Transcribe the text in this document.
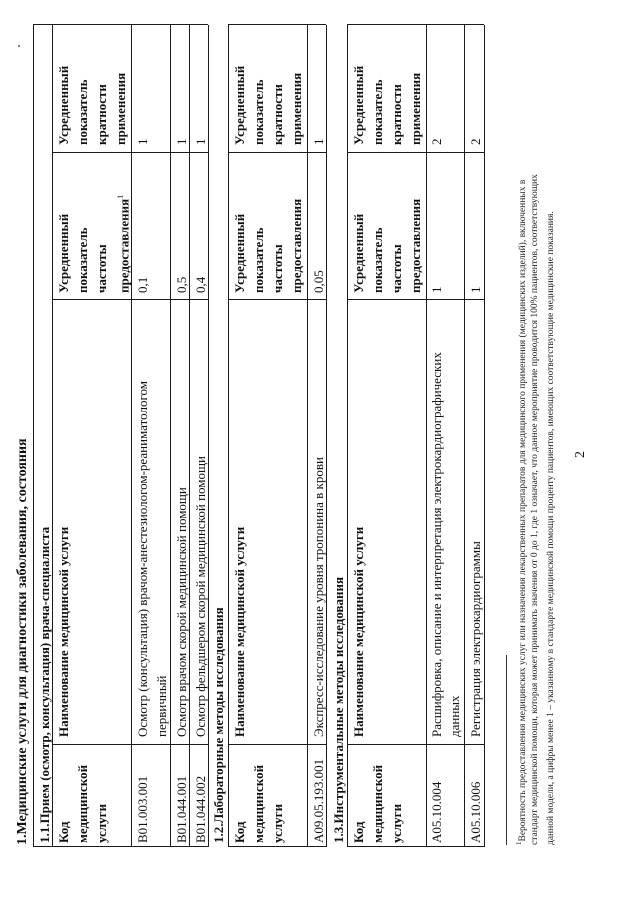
1.Медицинские услуги для диагностики заболевания, состояния 1.1.Прием (осмотр, консультация) врача-специалиста Код медицинской услуги
Наименование медицинской услуги
Усредненный показатель частоты предоставления$^1$
Усредненный показатель кратности применения
В01.003.001
Осмотр (консультация) врачом-анестезиологом-реаниматологом первичный
0,1
1
В01.044.001
Осмотр врачом скорой медицинской помощи
0,5
1
В01.044.002
Осмотр фельдшером скорой медицинской помощи
0,4
1
1.2.Лабораторные методы исследования Код медицинской услуги
Наименование медицинской услуги
Усредненный показатель частоты предоставления
Усредненный показатель кратности применения
А09.05.193.001
Экспресс-исследование уровня тропонина в крови
0,05
1
1.3.Инструментальные методы исследования Код медицинской услуги
Наименование медицинской услуги
Усредненный показатель частоты предоставления
Усредненный показатель кратности применения
А05.10.004
Расшифровка, описание и интерпретация электрокардиографических данных
1
2
А05.10.006
Регистрация электрокардиограммы
1
2
$^1$Вероятность предоставления медицинских услуг или назначения лекарственных препаратов для медицинского применения (медицинских изделий), включенных в стандарт медицинской помощи, которая может принимать значения от 0 до 1, где 1 означает, что данное мероприятие проводится 100% пациентов, соответствующих данной модели, а цифры менее 1 – указанному в стандарте медицинской помощи проценту пациентов, имеющих соответствующие медицинские показания. 2
